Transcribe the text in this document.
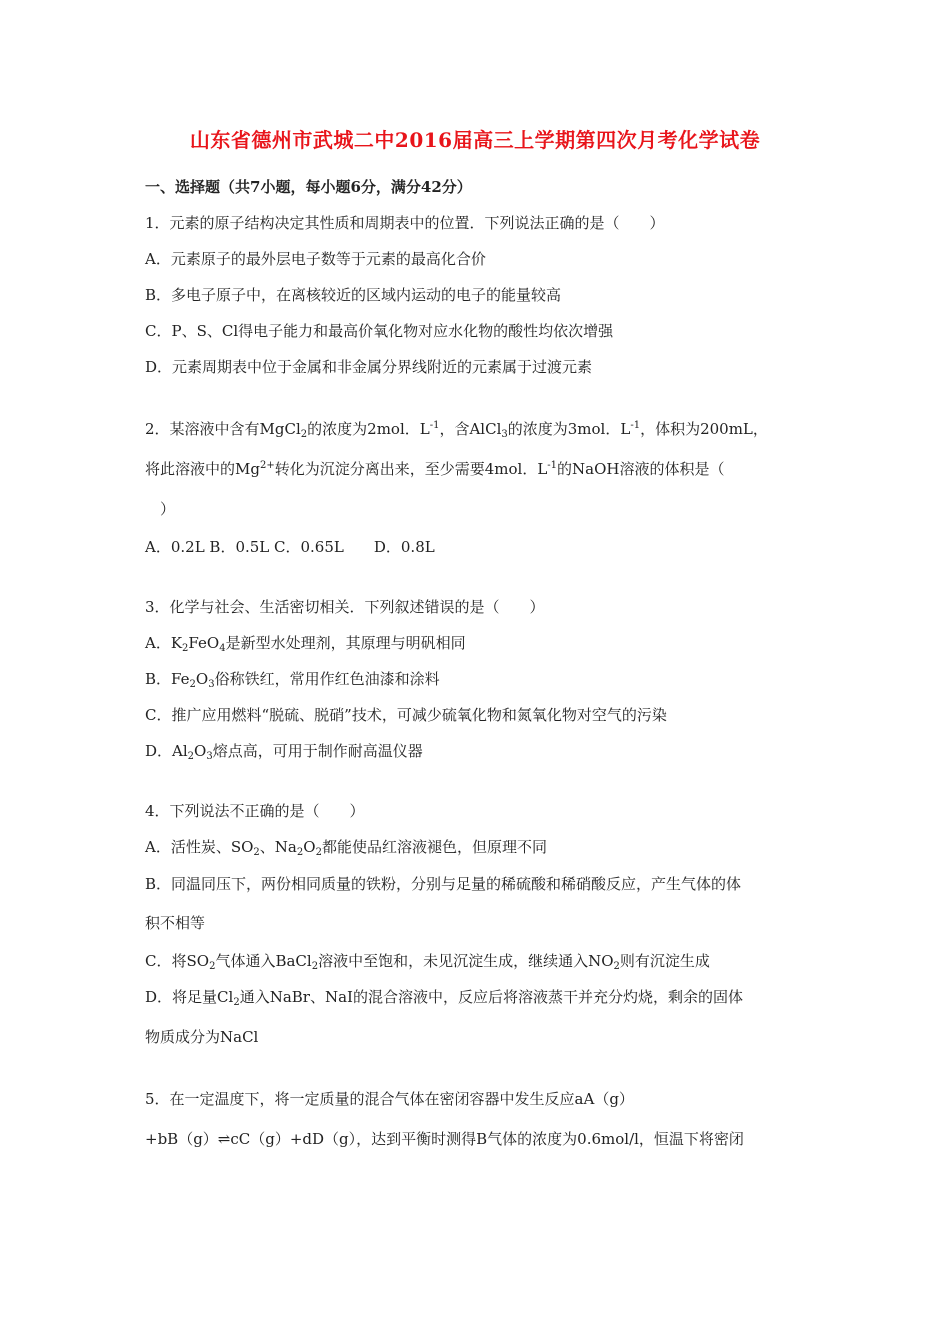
山东省德州市武城二中2016届高三上学期第四次月考化学试卷
一、选择题（共7小题，每小题6分，满分42分）
1．元素的原子结构决定其性质和周期表中的位置．下列说法正确的是（　　）
A．元素原子的最外层电子数等于元素的最高化合价
B．多电子原子中，在离核较近的区域内运动的电子的能量较高
C．P、S、Cl得电子能力和最高价氧化物对应水化物的酸性均依次增强
D．元素周期表中位于金属和非金属分界线附近的元素属于过渡元素
2．某溶液中含有MgCl$_2$的浓度为2mol．$L^{-1}$，含AlCl$_3$的浓度为3mol．$L^{-1}$，体积为200mL，
将此溶液中的$Mg^{2+}$转化为沉淀分离出来，至少需要4mol．$L^{-1}$的NaOH溶液的体积是（
）
A．0.2L B．0.5L C．0.65L　　D．0.8L
3．化学与社会、生活密切相关．下列叙述错误的是（　　）
A．$K_2FeO_4$是新型水处理剂，其原理与明矾相同
B．$Fe_2O_3$俗称铁红，常用作红色油漆和涂料
C．推广应用燃料“脱硫、脱硝”技术，可减少硫氧化物和氮氧化物对空气的污染
D．$Al_2O_3$熔点高，可用于制作耐高温仪器
4．下列说法不正确的是（　　）
A．活性炭、$SO_2$、$Na_2O_2$都能使品红溶液褪色，但原理不同
B．同温同压下，两份相同质量的铁粉，分别与足量的稀硫酸和稀硝酸反应，产生气体的体
积不相等
C．将$SO_2$气体通入BaCl$_2$溶液中至饱和，未见沉淀生成，继续通入$NO_2$则有沉淀生成
D．将足量$Cl_2$通入NaBr、NaI的混合溶液中，反应后将溶液蒸干并充分灼烧，剩余的固体
物质成分为NaCl
5．在一定温度下，将一定质量的混合气体在密闭容器中发生反应aA（g）
+bB（g）⇌cC（g）+dD（g），达到平衡时测得B气体的浓度为0.6mol/l，恒温下将密闭
